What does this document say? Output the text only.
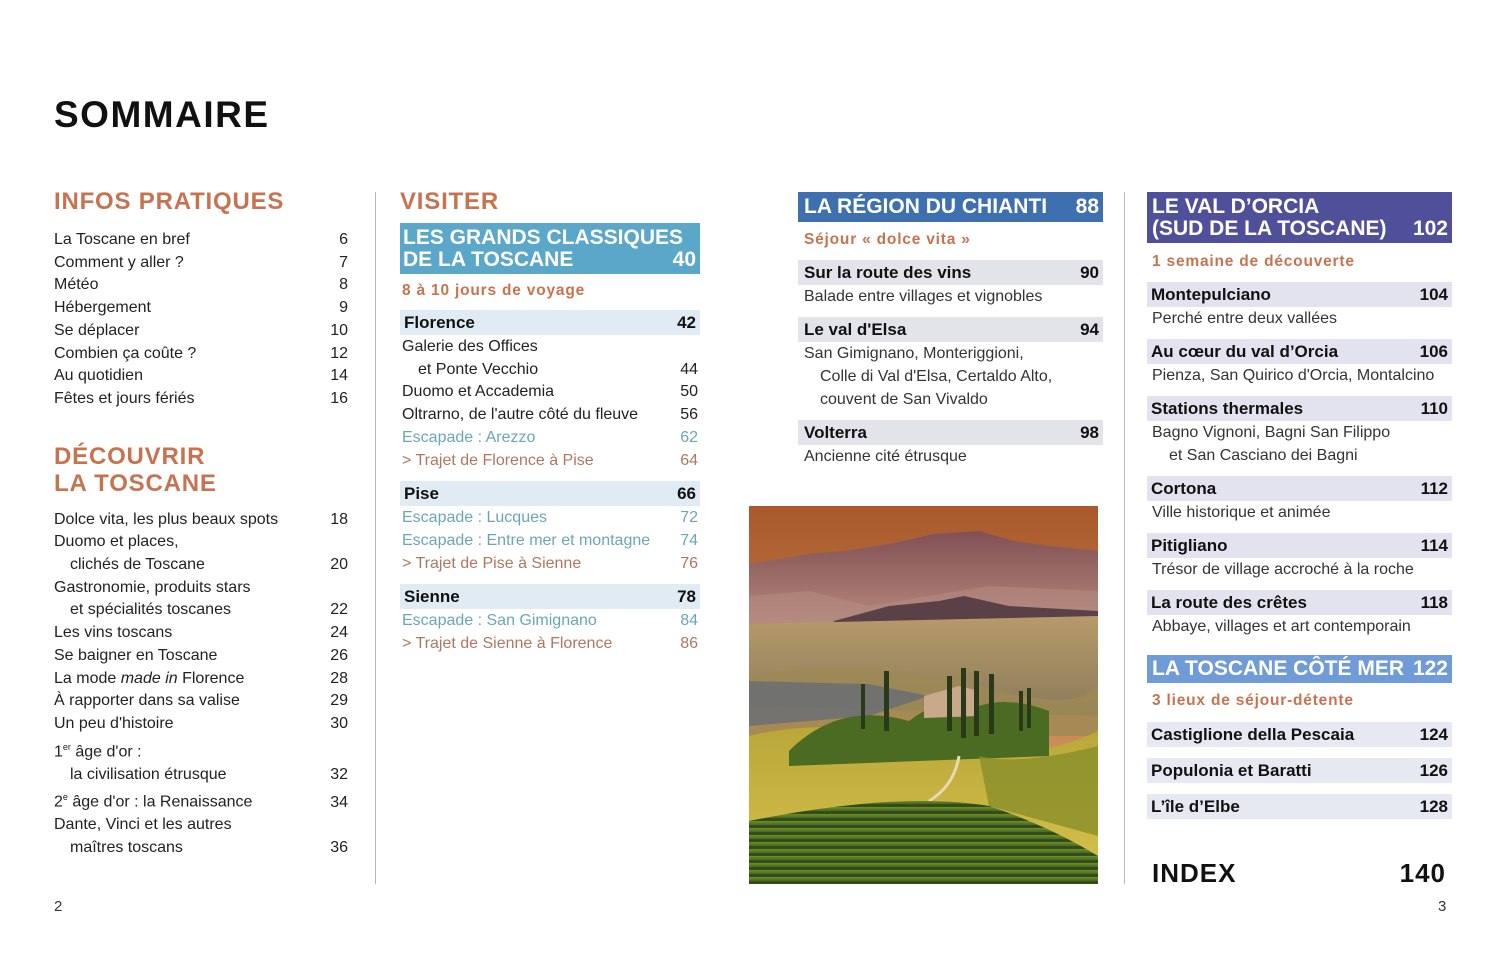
SOMMAIRE
INFOS PRATIQUES
La Toscane en bref	6
Comment y aller ?	7
Météo	8
Hébergement	9
Se déplacer	10
Combien ça coûte ?	12
Au quotidien	14
Fêtes et jours fériés	16
DÉCOUVRIR
LA TOSCANE
Dolce vita, les plus beaux spots	18
Duomo et places,
clichés de Toscane	20
Gastronomie, produits stars
et spécialités toscanes	22
Les vins toscans	24
Se baigner en Toscane	26
La mode made in Florence	28
À rapporter dans sa valise	29
Un peu d'histoire	30
1er âge d'or :
la civilisation étrusque	32
2e âge d'or : la Renaissance	34
Dante, Vinci et les autres
maîtres toscans	36
VISITER
LES GRANDS CLASSIQUES
DE LA TOSCANE	40
8 à 10 jours de voyage
Florence	42
Galerie des Offices
et Ponte Vecchio	44
Duomo et Accademia	50
Oltrarno, de l'autre côté du fleuve	56
Escapade : Arezzo	62
> Trajet de Florence à Pise	64
Pise	66
Escapade : Lucques	72
Escapade : Entre mer et montagne	74
> Trajet de Pise à Sienne	76
Sienne	78
Escapade : San Gimignano	84
> Trajet de Sienne à Florence	86
LA RÉGION DU CHIANTI 88
Séjour « dolce vita »
Sur la route des vins	90
Balade entre villages et vignobles
Le val d'Elsa	94
San Gimignano, Monteriggioni,
Colle di Val d'Elsa, Certaldo Alto,
couvent de San Vivaldo
Volterra	98
Ancienne cité étrusque
LE VAL D’ORCIA
(SUD DE LA TOSCANE) 102
1 semaine de découverte
Montepulciano	104
Perché entre deux vallées
Au cœur du val d’Orcia	106
Pienza, San Quirico d'Orcia, Montalcino
Stations thermales	110
Bagno Vignoni, Bagni San Filippo
et San Casciano dei Bagni
Cortona	112
Ville historique et animée
Pitigliano	114
Trésor de village accroché à la roche
La route des crêtes	118
Abbaye, villages et art contemporain
LA TOSCANE CÔTÉ MER 122
3 lieux de séjour-détente
Castiglione della Pescaia	124
Populonia et Baratti	126
L’île d’Elbe	128
INDEX	140
2	3
